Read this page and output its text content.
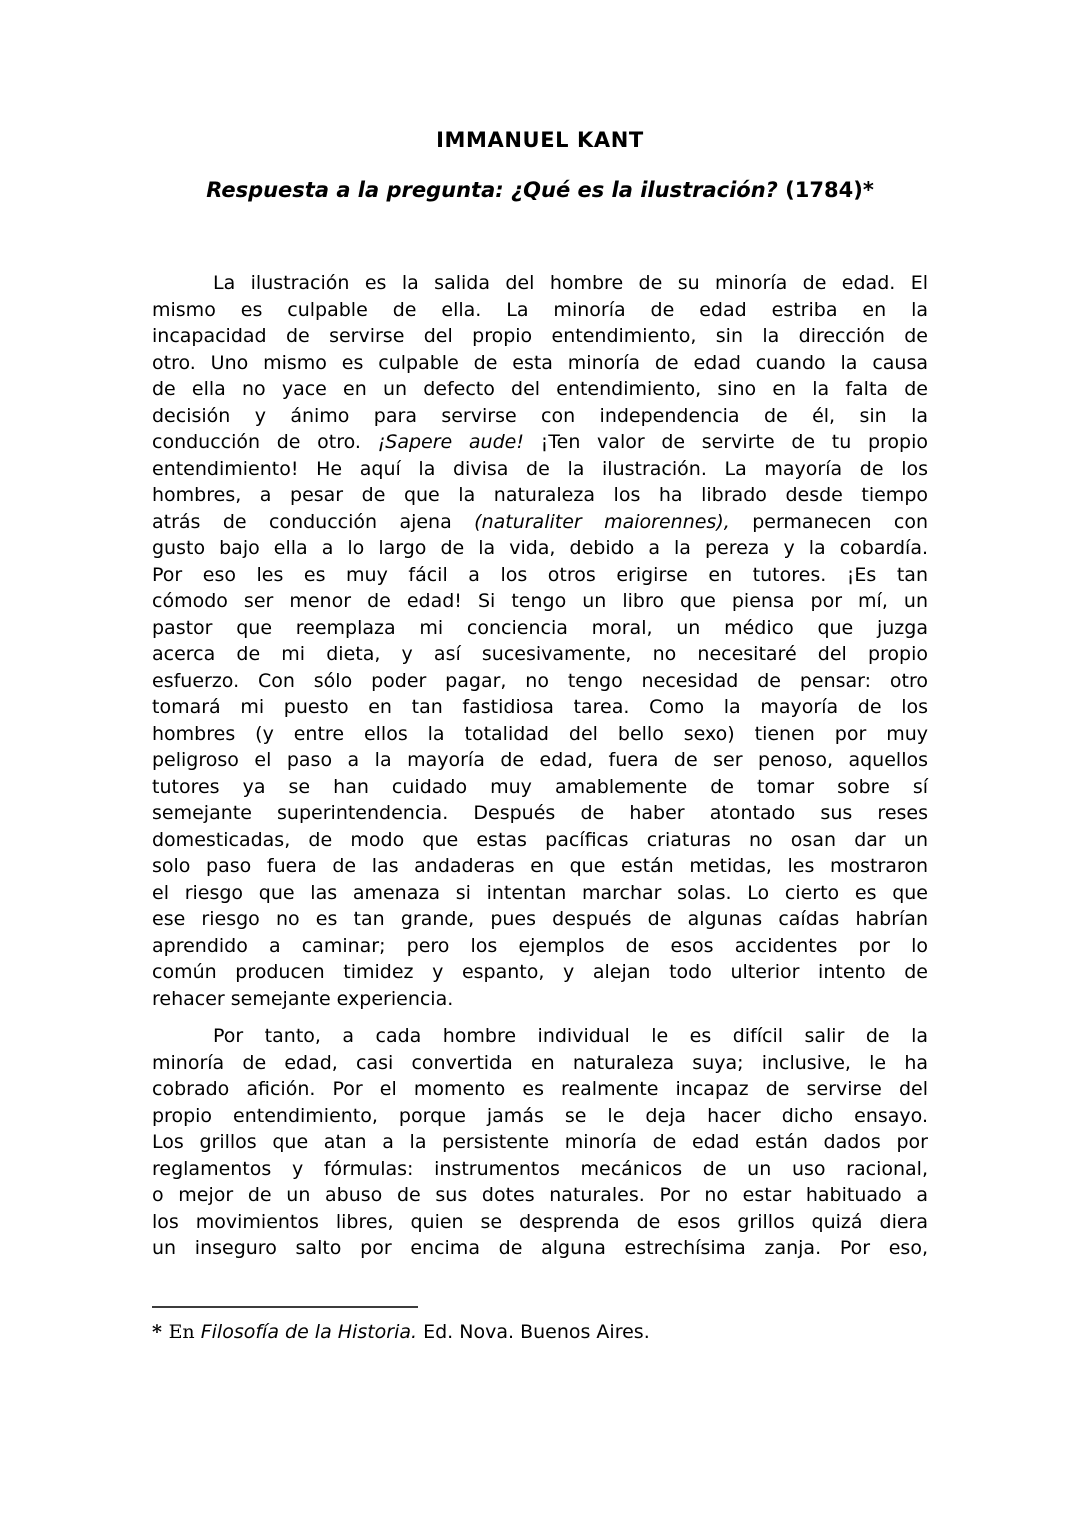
IMMANUEL KANT
Respuesta a la pregunta: ¿Qué es la ilustración? (1784)*
La ilustración es la salida del hombre de su minoría de edad. El
mismo es culpable de ella. La minoría de edad estriba en la
incapacidad de servirse del propio entendimiento, sin la dirección de
otro. Uno mismo es culpable de esta minoría de edad cuando la causa
de ella no yace en un defecto del entendimiento, sino en la falta de
decisión y ánimo para servirse con independencia de él, sin la
conducción de otro. ¡Sapere aude! ¡Ten valor de servirte de tu propio
entendimiento! He aquí la divisa de la ilustración. La mayoría de los
hombres, a pesar de que la naturaleza los ha librado desde tiempo
atrás de conducción ajena (naturaliter maiorennes), permanecen con
gusto bajo ella a lo largo de la vida, debido a la pereza y la cobardía.
Por eso les es muy fácil a los otros erigirse en tutores. ¡Es tan
cómodo ser menor de edad! Si tengo un libro que piensa por mí, un
pastor que reemplaza mi conciencia moral, un médico que juzga
acerca de mi dieta, y así sucesivamente, no necesitaré del propio
esfuerzo. Con sólo poder pagar, no tengo necesidad de pensar: otro
tomará mi puesto en tan fastidiosa tarea. Como la mayoría de los
hombres (y entre ellos la totalidad del bello sexo) tienen por muy
peligroso el paso a la mayoría de edad, fuera de ser penoso, aquellos
tutores ya se han cuidado muy amablemente de tomar sobre sí
semejante superintendencia. Después de haber atontado sus reses
domesticadas, de modo que estas pacíficas criaturas no osan dar un
solo paso fuera de las andaderas en que están metidas, les mostraron
el riesgo que las amenaza si intentan marchar solas. Lo cierto es que
ese riesgo no es tan grande, pues después de algunas caídas habrían
aprendido a caminar; pero los ejemplos de esos accidentes por lo
común producen timidez y espanto, y alejan todo ulterior intento de
rehacer semejante experiencia.
Por tanto, a cada hombre individual le es difícil salir de la
minoría de edad, casi convertida en naturaleza suya; inclusive, le ha
cobrado afición. Por el momento es realmente incapaz de servirse del
propio entendimiento, porque jamás se le deja hacer dicho ensayo.
Los grillos que atan a la persistente minoría de edad están dados por
reglamentos y fórmulas: instrumentos mecánicos de un uso racional,
o mejor de un abuso de sus dotes naturales. Por no estar habituado a
los movimientos libres, quien se desprenda de esos grillos quizá diera
un inseguro salto por encima de alguna estrechísima zanja. Por eso,
* En Filosofía de la Historia. Ed. Nova. Buenos Aires.
